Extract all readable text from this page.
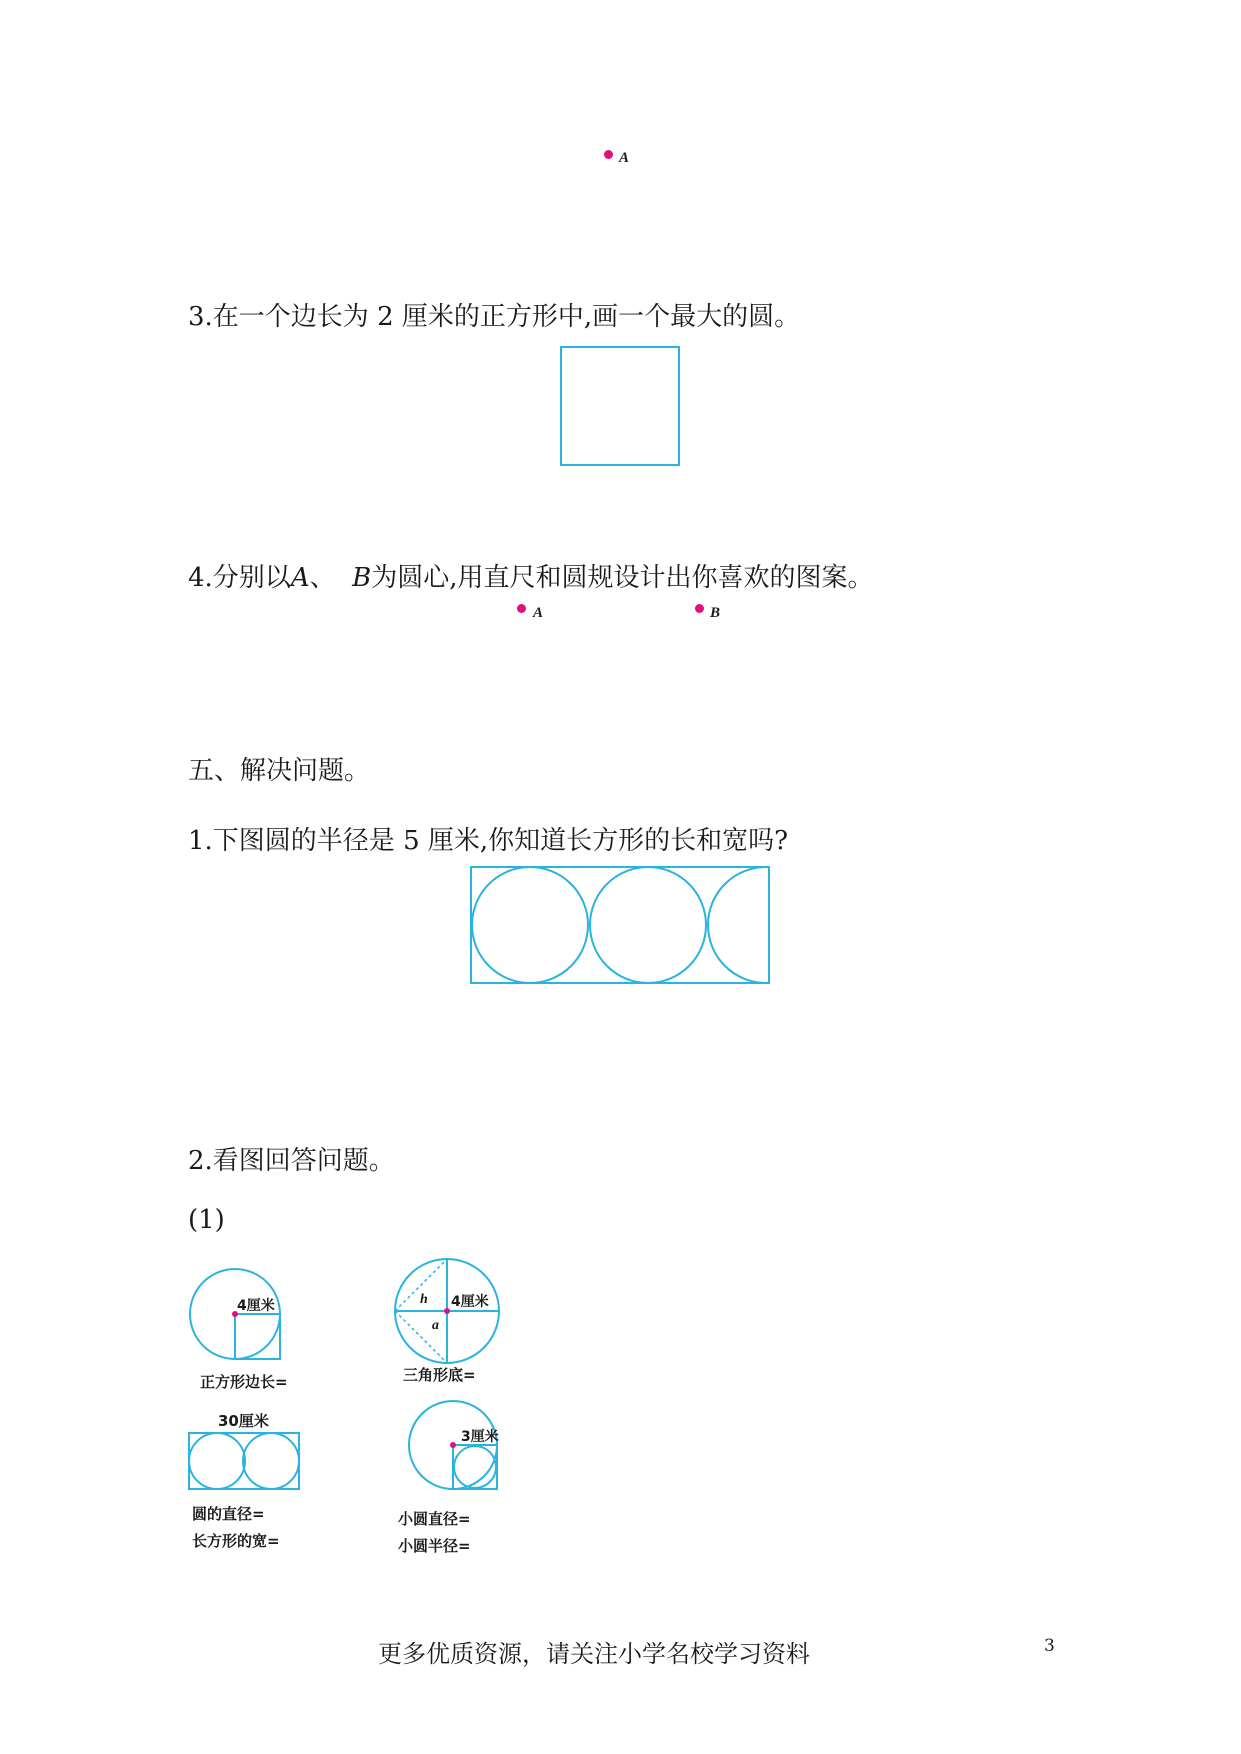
A
3.在一个边长为 2 厘米的正方形中,画一个最大的圆。
4.分别以A、 B为圆心,用直尺和圆规设计出你喜欢的图案。
A	B
五、解决问题。
1.下图圆的半径是 5 厘米,你知道长方形的长和宽吗?
2.看图回答问题。
(1)
4厘米
正方形边长=
h
a
4厘米
三角形底=
30厘米
圆的直径=
长方形的宽=
3厘米
小圆直径=
小圆半径=
更多优质资源，请关注小学名校学习资料	3
